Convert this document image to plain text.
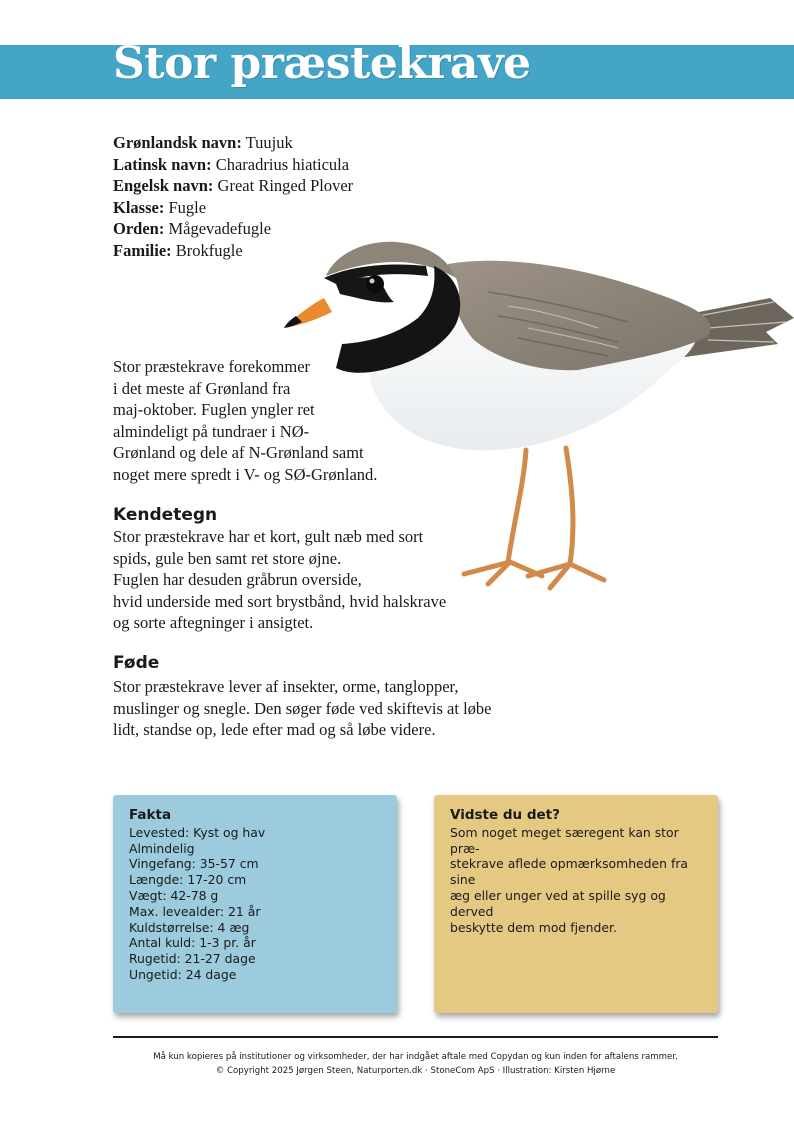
Stor præstekrave
Grønlandsk navn: Tuujuk
Latinsk navn: Charadrius hiaticula
Engelsk navn: Great Ringed Plover
Klasse: Fugle
Orden: Mågevadefugle
Familie: Brokfugle

Stor præstekrave forekommer
i det meste af Grønland fra
maj-oktober. Fuglen yngler ret
almindeligt på tundraer i NØ-
Grønland og dele af N-Grønland samt
noget mere spredt i V- og SØ-Grønland.

Kendetegn

Stor præstekrave har et kort, gult næb med sort
spids, gule ben samt ret store øjne.
Fuglen har desuden gråbrun overside,
hvid underside med sort brystbånd, hvid halskrave
og sorte aftegninger i ansigtet.

Føde

Stor præstekrave lever af insekter, orme, tanglopper,
muslinger og snegle. Den søger føde ved skiftevis at løbe
lidt, standse op, lede efter mad og så løbe videre.

Fakta
Levested: Kyst og hav
Almindelig
Vingefang: 35-57 cm
Længde: 17-20 cm
Vægt: 42-78 g
Max. levealder: 21 år
Kuldstørrelse: 4 æg
Antal kuld: 1-3 pr. år
Rugetid: 21-27 dage
Ungetid: 24 dage
Vidste du det?
Som noget meget særegent kan stor præ-
stekrave aflede opmærksomheden fra sine
æg eller unger ved at spille syg og derved
beskytte dem mod fjender.
Må kun kopieres på institutioner og virksomheder, der har indgået aftale med Copydan og kun inden for aftalens rammer.
© Copyright 2025 Jørgen Steen, Naturporten.dk · StoneCom ApS · Illustration: Kirsten Hjørne
